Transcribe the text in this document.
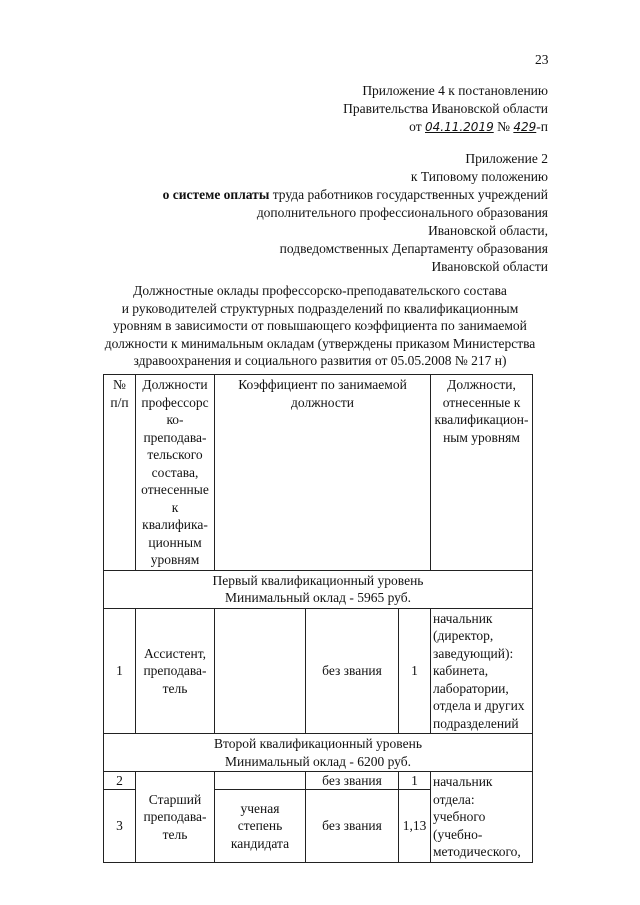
23
Приложение 4 к постановлению
Правительства Ивановской области
от 04.11.2019 № 429-п
Приложение 2
к Типовому положению
о системе оплаты труда работников государственных учреждений
дополнительного профессионального образования
Ивановской области,
подведомственных Департаменту образования
Ивановской области
Должностные оклады профессорско-преподавательского состава
и руководителей структурных подразделений по квалификационным
уровням в зависимости от повышающего коэффициента по занимаемой
должности к минимальным окладам (утверждены приказом Министерства
здравоохранения и социального развития от 05.05.2008 № 217 н)
№ п/п	Должности профессорс ко- преподава- тельского состава, отнесенные к квалифика- ционным уровням	Коэффициент по занимаемой должности			Должности, отнесенные к квалификацион- ным уровням

Первый квалификационный уровень
Минимальный оклад - 5965 руб.					

1	Ассистент, преподава- тель		без звания	1	начальник (директор, заведующий): кабинета, лаборатории, отдела и других подразделений

Второй квалификационный уровень
Минимальный оклад - 6200 руб.					

2	Старший преподава- тель		без звания	1	начальник отдела: учебного (учебно- методического,
3		ученая степень кандидата	без звания	1,13	
